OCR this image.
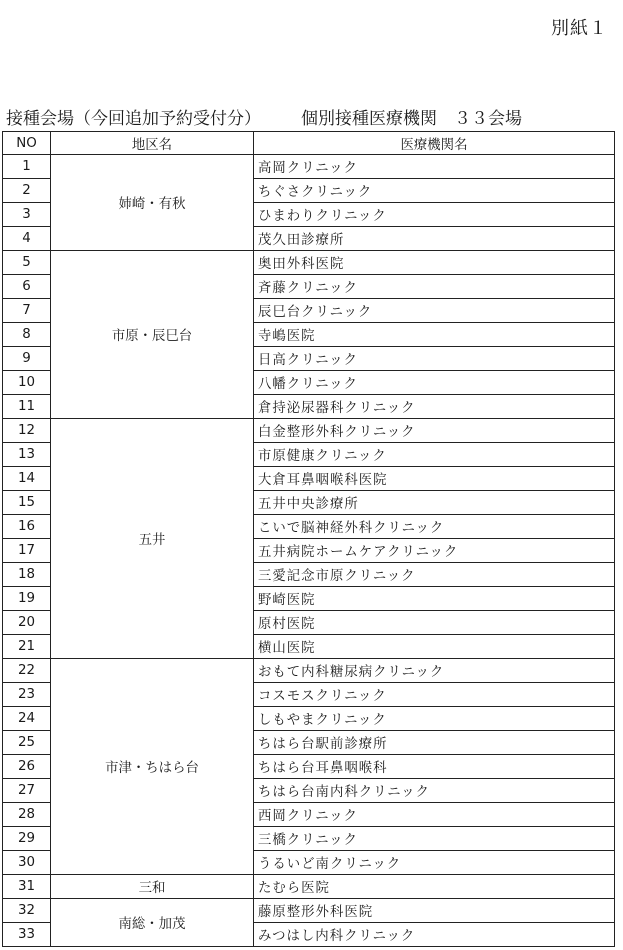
別紙１
接種会場（今回追加予約受付分） 個別接種医療機関　３３会場
NO	地区名	医療機関名
1	姉崎・有秋	高岡クリニック
2		ちぐさクリニック
3		ひまわりクリニック
4		茂久田診療所
5	市原・辰巳台	奥田外科医院
6		斉藤クリニック
7		辰巳台クリニック
8		寺嶋医院
9		日高クリニック
10		八幡クリニック
11		倉持泌尿器科クリニック
12	五井	白金整形外科クリニック
13		市原健康クリニック
14		大倉耳鼻咽喉科医院
15		五井中央診療所
16		こいで脳神経外科クリニック
17		五井病院ホームケアクリニック
18		三愛記念市原クリニック
19		野崎医院
20		原村医院
21		横山医院
22	市津・ちはら台	おもて内科糖尿病クリニック
23		コスモスクリニック
24		しもやまクリニック
25		ちはら台駅前診療所
26		ちはら台耳鼻咽喉科
27		ちはら台南内科クリニック
28		西岡クリニック
29		三橋クリニック
30		うるいど南クリニック
31	三和	たむら医院
32	南総・加茂	藤原整形外科医院
33		みつはし内科クリニック
